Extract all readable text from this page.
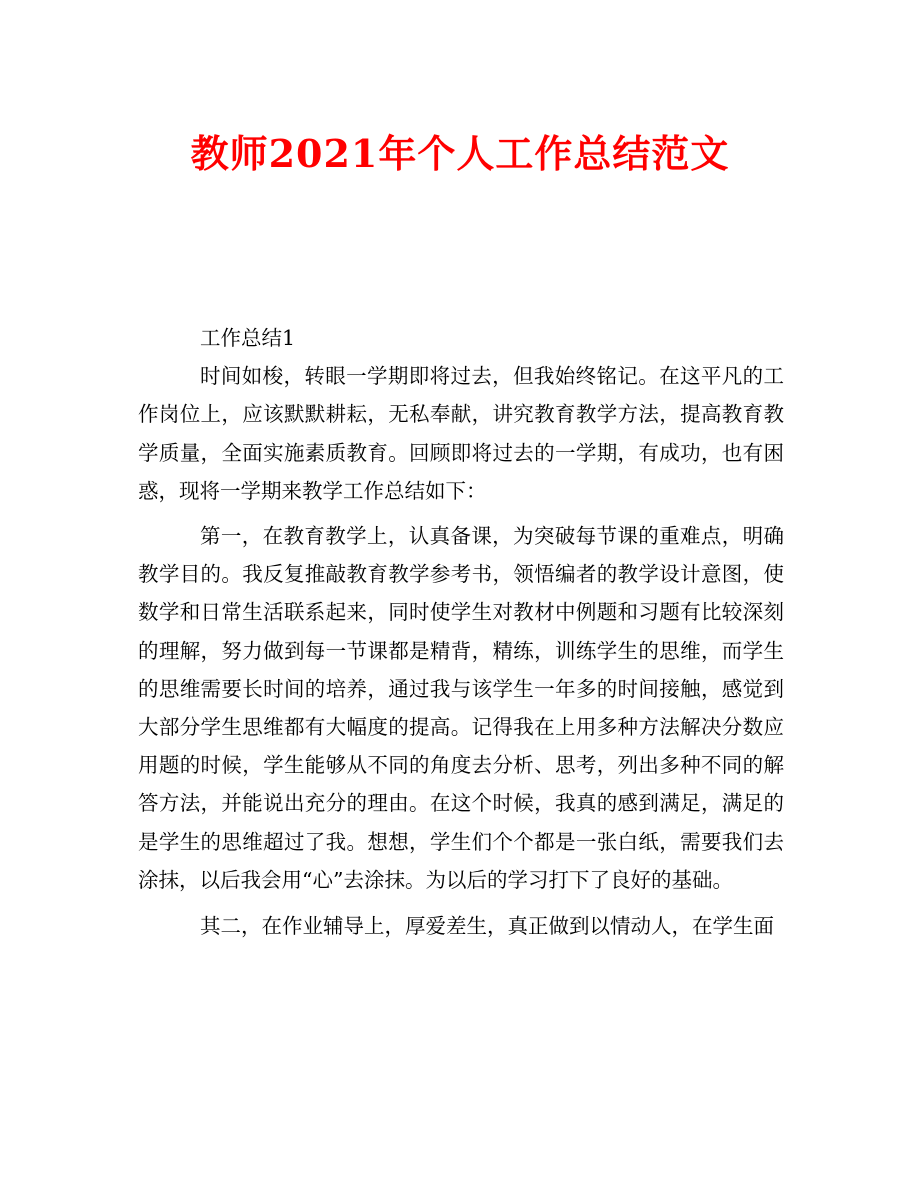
教师2021年个人工作总结范文

工作总结1

时间如梭，转眼一学期即将过去，但我始终铭记。在这平凡的工作岗位上，应该默默耕耘，无私奉献，讲究教育教学方法，提高教育教学质量，全面实施素质教育。回顾即将过去的一学期，有成功，也有困惑，现将一学期来教学工作总结如下：

第一，在教育教学上，认真备课，为突破每节课的重难点，明确教学目的。我反复推敲教育教学参考书，领悟编者的教学设计意图，使数学和日常生活联系起来，同时使学生对教材中例题和习题有比较深刻的理解，努力做到每一节课都是精背，精练，训练学生的思维，而学生的思维需要长时间的培养，通过我与该学生一年多的时间接触，感觉到大部分学生思维都有大幅度的提高。记得我在上用多种方法解决分数应用题的时候，学生能够从不同的角度去分析、思考，列出多种不同的解答方法，并能说出充分的理由。在这个时候，我真的感到满足，满足的是学生的思维超过了我。想想，学生们个个都是一张白纸，需要我们去涂抹，以后我会用“心”去涂抹。为以后的学习打下了良好的基础。

其二，在作业辅导上，厚爱差生，真正做到以情动人，在学生面
